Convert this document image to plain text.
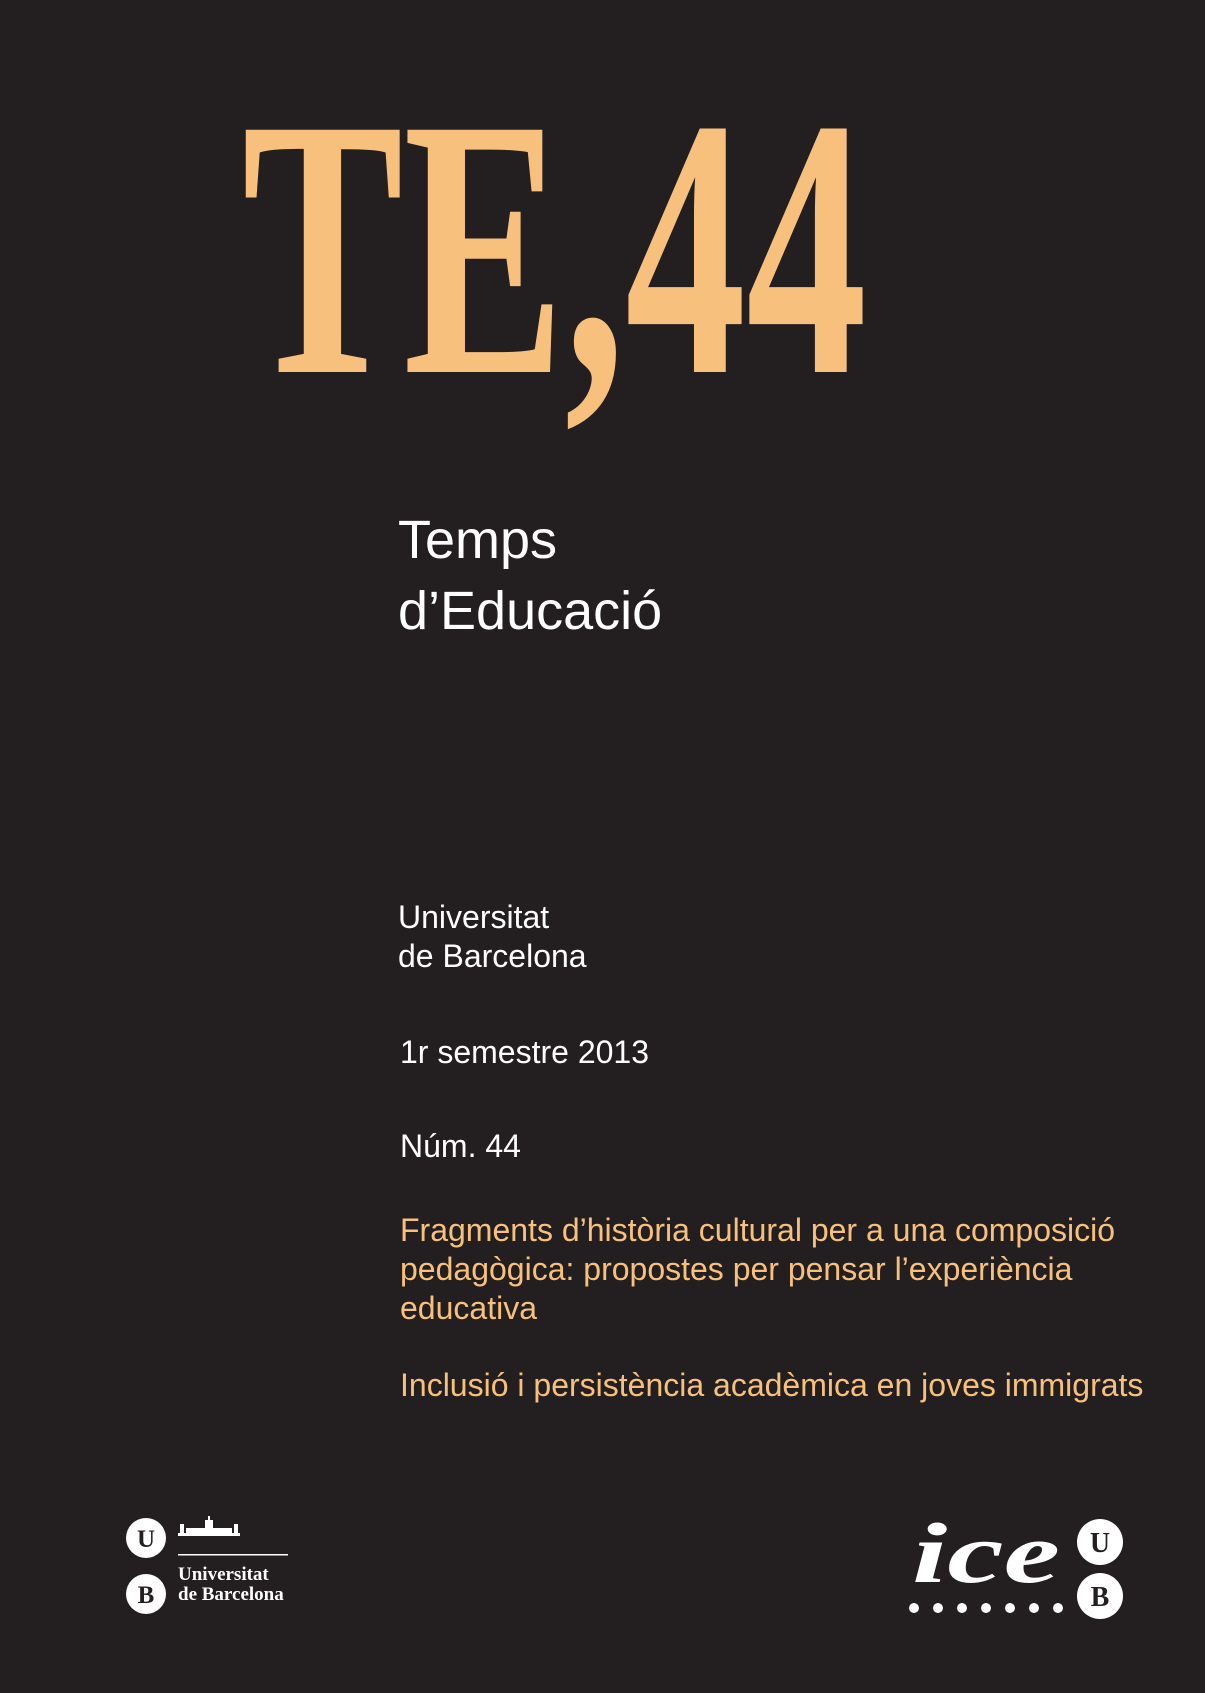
TE,44
Temps
d’Educació
Universitat
de Barcelona
1r semestre 2013
Núm. 44
Fragments d’història cultural per a una composició pedagògica: propostes per pensar l’experiència educativa
Inclusió i persistència acadèmica en joves immigrats
U
B
Universitat
de Barcelona	ice U
B
